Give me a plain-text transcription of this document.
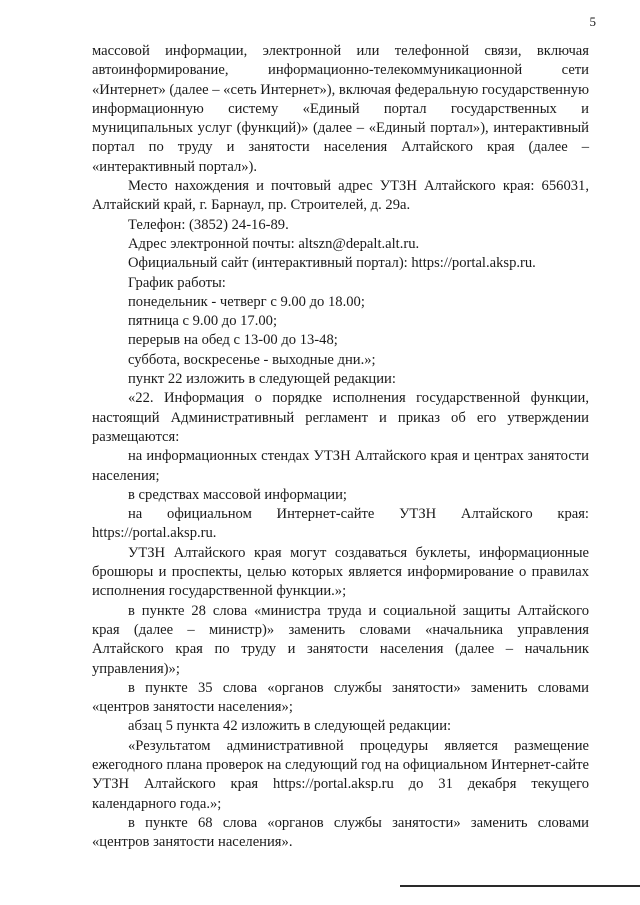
5

массовой информации, электронной или телефонной связи, включая автоинформирование, информационно-телекоммуникационной сети «Интернет» (далее – «сеть Интернет»), включая федеральную государственную информационную систему «Единый портал государственных и муниципальных услуг (функций)» (далее – «Единый портал»), интерактивный портал по труду и занятости населения Алтайского края (далее – «интерактивный портал»).

Место нахождения и почтовый адрес УТЗН Алтайского края: 656031, Алтайский край, г. Барнаул, пр. Строителей, д. 29а.

Телефон: (3852) 24-16-89.

Адрес электронной почты: altszn@depalt.alt.ru.

Официальный сайт (интерактивный портал): https://portal.aksp.ru.

График работы:

понедельник - четверг с 9.00 до 18.00;

пятница с 9.00 до 17.00;

перерыв на обед с 13-00 до 13-48;

суббота, воскресенье - выходные дни.»;

пункт 22 изложить в следующей редакции:

«22. Информация о порядке исполнения государственной функции, настоящий Административный регламент и приказ об его утверждении размещаются:

на информационных стендах УТЗН Алтайского края и центрах занятости населения;

в средствах массовой информации;

на официальном Интернет-сайте УТЗН Алтайского края: https://portal.aksp.ru.

УТЗН Алтайского края могут создаваться буклеты, информационные брошюры и проспекты, целью которых является информирование о правилах исполнения государственной функции.»;

в пункте 28 слова «министра труда и социальной защиты Алтайского края (далее – министр)» заменить словами «начальника управления Алтайского края по труду и занятости населения (далее – начальник управления)»;

в пункте 35 слова «органов службы занятости» заменить словами «центров занятости населения»;

абзац 5 пункта 42 изложить в следующей редакции:

«Результатом административной процедуры является размещение ежегодного плана проверок на следующий год на официальном Интернет-сайте УТЗН Алтайского края https://portal.aksp.ru до 31 декабря текущего календарного года.»;

в пункте 68 слова «органов службы занятости» заменить словами «центров занятости населения».
